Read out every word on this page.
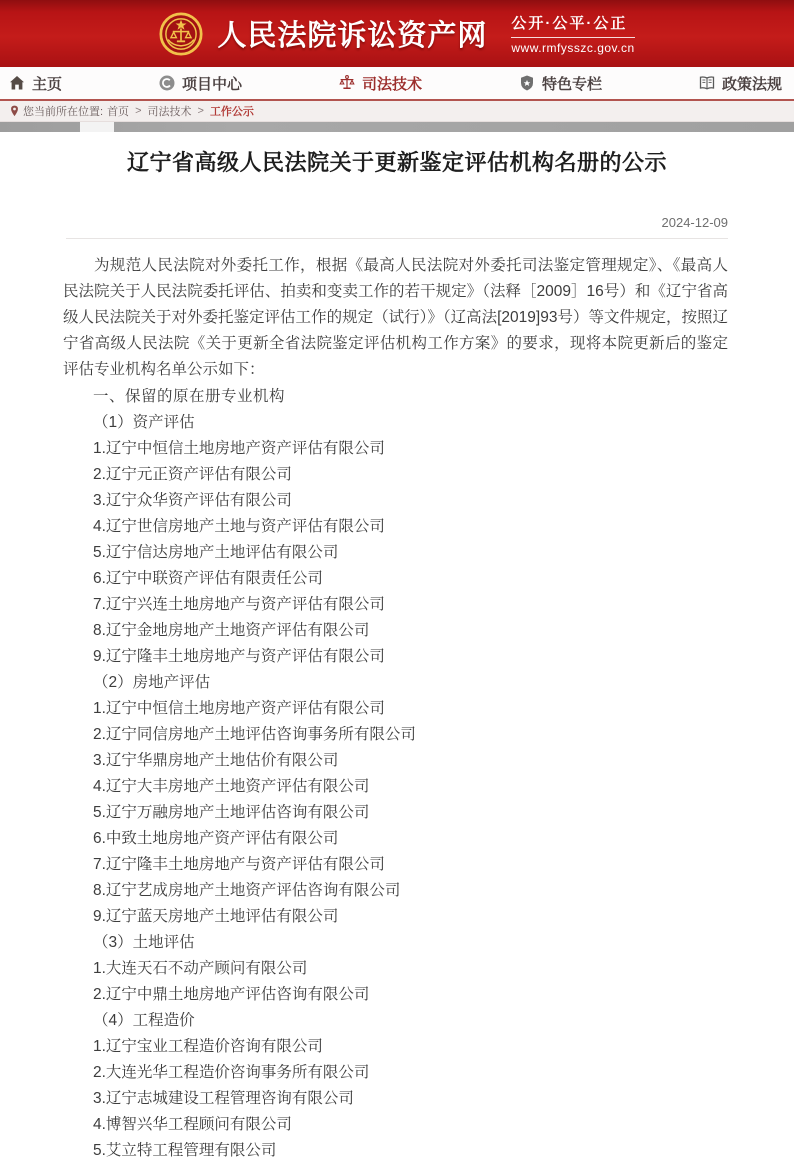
人民法院诉讼资产网 公开·公平·公正
www.rmfysszc.gov.cn
主页	项目中心	司法技术	特色专栏	政策法规
您当前所在位置: 首页 > 司法技术 > 工作公示
辽宁省高级人民法院关于更新鉴定评估机构名册的公示
2024-12-09

为规范人民法院对外委托工作，根据《最高人民法院对外委托司法鉴定管理规定》、《最高人民法院关于人民法院委托评估、拍卖和变卖工作的若干规定》（法释［2009］16号）和《辽宁省高级人民法院关于对外委托鉴定评估工作的规定（试行）》（辽高法[2019]93号）等文件规定，按照辽宁省高级人民法院《关于更新全省法院鉴定评估机构工作方案》的要求，现将本院更新后的鉴定评估专业机构名单公示如下：

一、保留的原在册专业机构
（1）资产评估
1.辽宁中恒信土地房地产资产评估有限公司
2.辽宁元正资产评估有限公司
3.辽宁众华资产评估有限公司
4.辽宁世信房地产土地与资产评估有限公司
5.辽宁信达房地产土地评估有限公司
6.辽宁中联资产评估有限责任公司
7.辽宁兴连土地房地产与资产评估有限公司
8.辽宁金地房地产土地资产评估有限公司
9.辽宁隆丰土地房地产与资产评估有限公司
（2）房地产评估
1.辽宁中恒信土地房地产资产评估有限公司
2.辽宁同信房地产土地评估咨询事务所有限公司
3.辽宁华鼎房地产土地估价有限公司
4.辽宁大丰房地产土地资产评估有限公司
5.辽宁万融房地产土地评估咨询有限公司
6.中致土地房地产资产评估有限公司
7.辽宁隆丰土地房地产与资产评估有限公司
8.辽宁艺成房地产土地资产评估咨询有限公司
9.辽宁蓝天房地产土地评估有限公司
（3）土地评估
1.大连天石不动产顾问有限公司
2.辽宁中鼎土地房地产评估咨询有限公司
（4）工程造价
1.辽宁宝业工程造价咨询有限公司
2.大连光华工程造价咨询事务所有限公司
3.辽宁志城建设工程管理咨询有限公司
4.博智兴华工程顾问有限公司
5.艾立特工程管理有限公司
